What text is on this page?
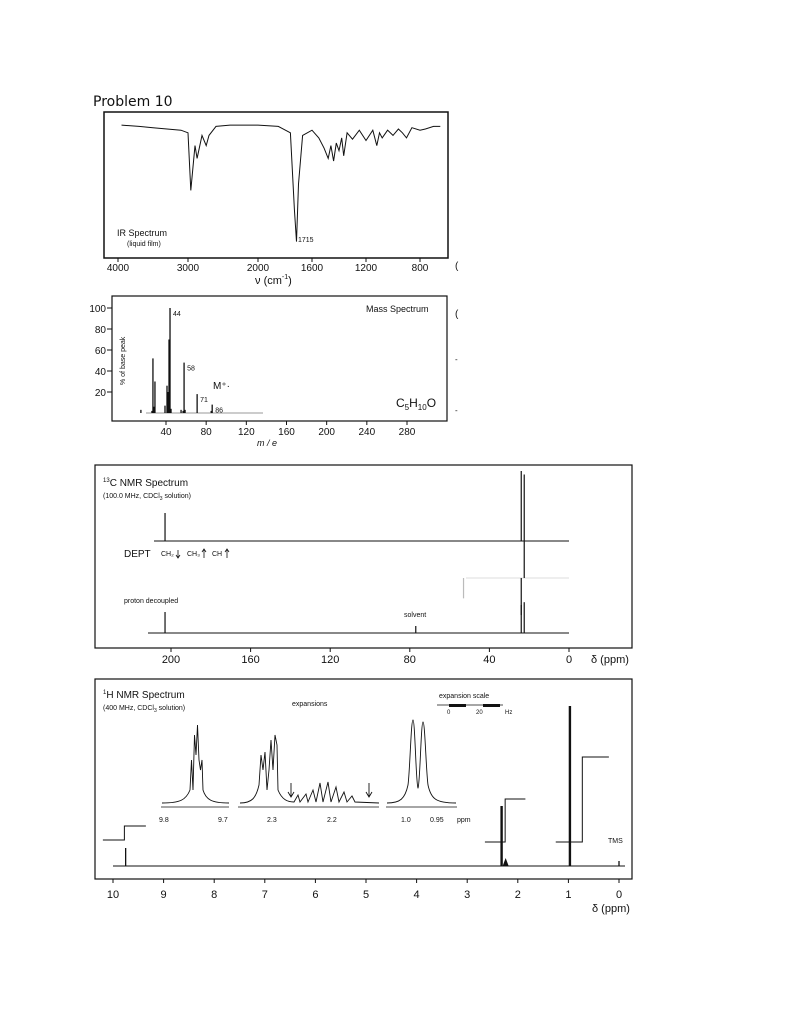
Problem 10
IR Spectrum
(liquid film)
1715
ν $(cm^{-1})$
(
4000	3000	2000	1600	1200	800
Mass Spectrum
% of base peak
$C_5H_{10}O$
M⁺·
m / e
(
-
-
20
40
60
80
100
40	80	120 160 200 240 280
44
58
71
86
$^{13}$C NMR Spectrum
(100.0 MHz, CDCl$_3$ solution)
DEPT CH₂ CH₃ CH
proton decoupled
solvent
δ (ppm)
200	160	120	80	40	0
$^1$H NMR Spectrum
(400 MHz, CDCl$_3$ solution)
expansions
expansion scale
0	20	Hz
9.8	9.7	2.3	2.2	1.0	0.95 ppm
TMS
δ (ppm)
10	9	8	7	6	5	4	3	2	1	0
